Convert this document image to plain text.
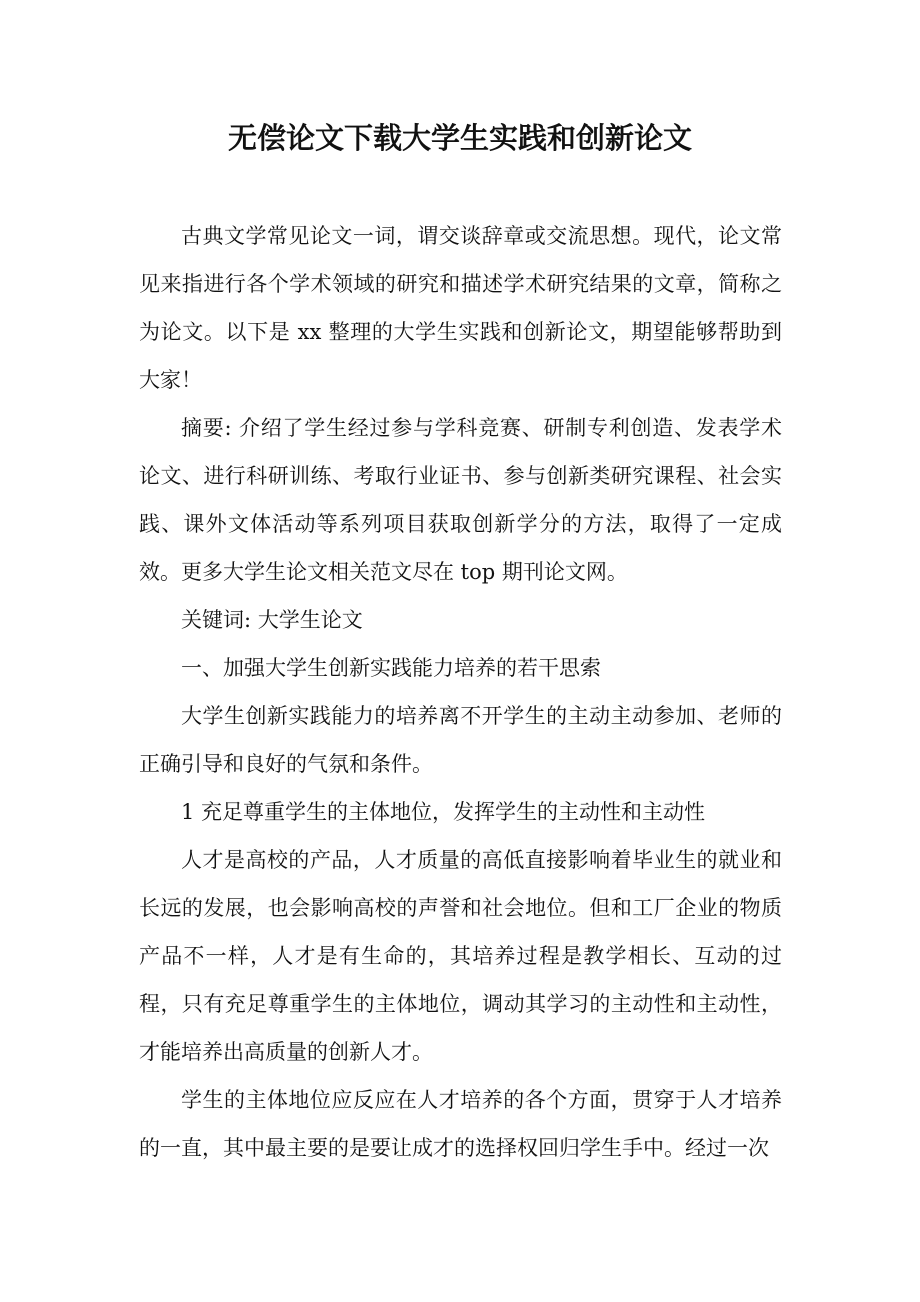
无偿论文下载大学生实践和创新论文

古典文学常见论文一词，谓交谈辞章或交流思想。现代，论文常见来指进行各个学术领域的研究和描述学术研究结果的文章，简称之为论文。以下是 xx 整理的大学生实践和创新论文，期望能够帮助到大家！

摘要: 介绍了学生经过参与学科竞赛、研制专利创造、发表学术论文、进行科研训练、考取行业证书、参与创新类研究课程、社会实践、课外文体活动等系列项目获取创新学分的方法，取得了一定成效。更多大学生论文相关范文尽在 top 期刊论文网。

关键词: 大学生论文

一、加强大学生创新实践能力培养的若干思索

大学生创新实践能力的培养离不开学生的主动主动参加、老师的正确引导和良好的气氛和条件。

1 充足尊重学生的主体地位，发挥学生的主动性和主动性

人才是高校的产品，人才质量的高低直接影响着毕业生的就业和长远的发展，也会影响高校的声誉和社会地位。但和工厂企业的物质产品不一样，人才是有生命的，其培养过程是教学相长、互动的过程，只有充足尊重学生的主体地位，调动其学习的主动性和主动性，才能培养出高质量的创新人才。

学生的主体地位应反应在人才培养的各个方面，贯穿于人才培养的一直，其中最主要的是要让成才的选择权回归学生手中。经过一次
